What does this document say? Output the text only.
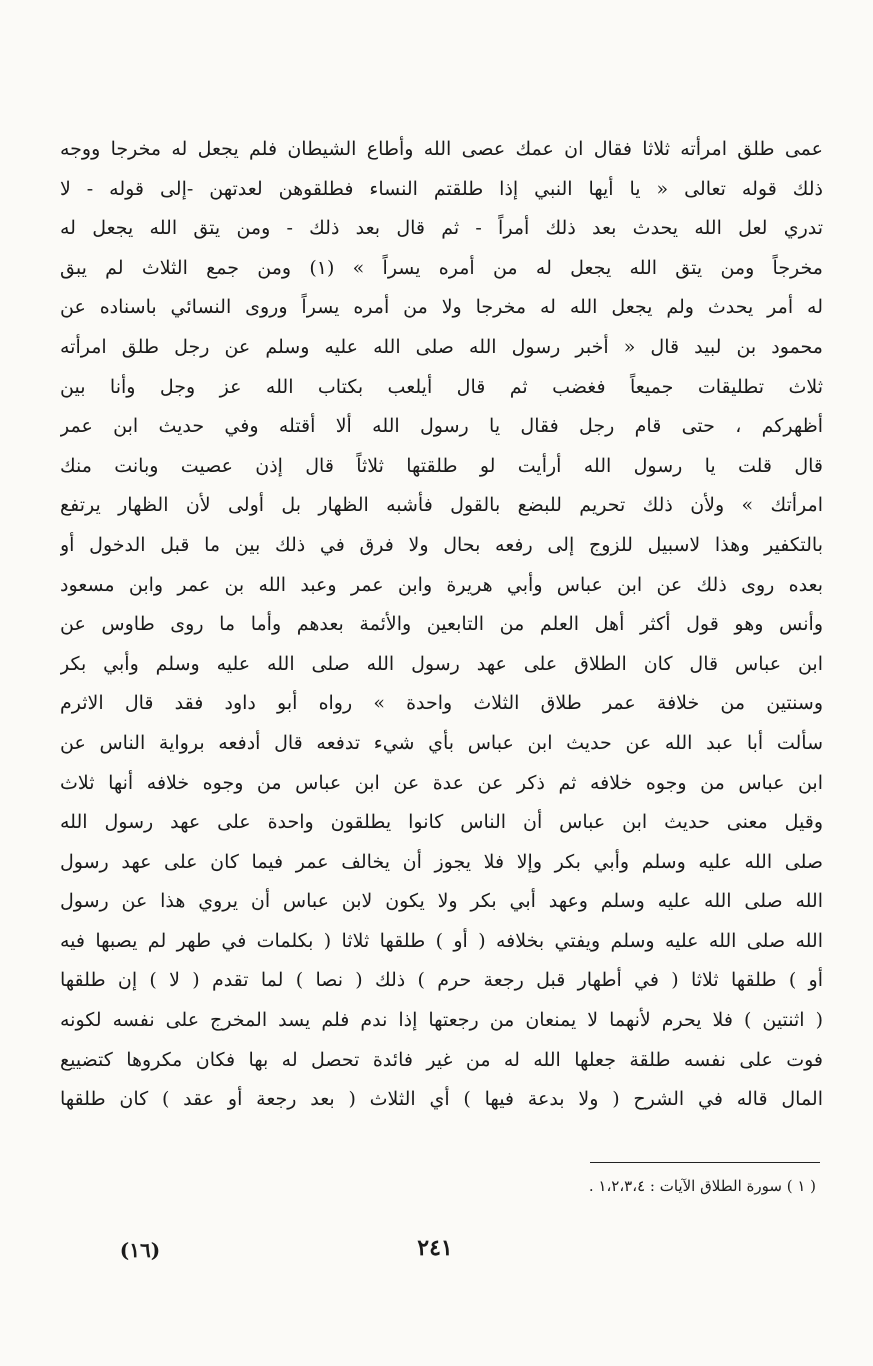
عمى طلق امرأته ثلاثا فقال ان عمك عصى الله وأطاع الشيطان فلم يجعل له مخرجا ووجه
ذلك قوله تعالى « يا أيها النبي إذا طلقتم النساء فطلقوهن لعدتهن -إلى قوله - لا
تدري لعل الله يحدث بعد ذلك أمراً - ثم قال بعد ذلك - ومن يتق الله يجعل له
مخرجاً ومن يتق الله يجعل له من أمره يسراً » (١) ومن جمع الثلاث لم يبق
له أمر يحدث ولم يجعل الله له مخرجا ولا من أمره يسراً وروى النسائي باسناده عن
محمود بن لبيد قال « أخبر رسول الله صلى الله عليه وسلم عن رجل طلق امرأته
ثلاث تطليقات جميعاً فغضب ثم قال أيلعب بكتاب الله عز وجل وأنا بين
أظهركم ، حتى قام رجل فقال يا رسول الله ألا أقتله وفي حديث ابن عمر
قال قلت يا رسول الله أرأيت لو طلقتها ثلاثاً قال إذن عصيت وبانت منك
امرأتك » ولأن ذلك تحريم للبضع بالقول فأشبه الظهار بل أولى لأن الظهار يرتفع
بالتكفير وهذا لاسبيل للزوج إلى رفعه بحال ولا فرق في ذلك بين ما قبل الدخول أو
بعده روى ذلك عن ابن عباس وأبي هريرة وابن عمر وعبد الله بن عمر وابن مسعود
وأنس وهو قول أكثر أهل العلم من التابعين والأئمة بعدهم وأما ما روى طاوس عن
ابن عباس قال كان الطلاق على عهد رسول الله صلى الله عليه وسلم وأبي بكر
وسنتين من خلافة عمر طلاق الثلاث واحدة » رواه أبو داود فقد قال الاثرم
سألت أبا عبد الله عن حديث ابن عباس بأي شيء تدفعه قال أدفعه برواية الناس عن
ابن عباس من وجوه خلافه ثم ذكر عن عدة عن ابن عباس من وجوه خلافه أنها ثلاث
وقيل معنى حديث ابن عباس أن الناس كانوا يطلقون واحدة على عهد رسول الله
صلى الله عليه وسلم وأبي بكر وإلا فلا يجوز أن يخالف عمر فيما كان على عهد رسول
الله صلى الله عليه وسلم وعهد أبي بكر ولا يكون لابن عباس أن يروي هذا عن رسول
الله صلى الله عليه وسلم ويفتي بخلافه ( أو ) طلقها ثلاثا ( بكلمات في طهر لم يصبها فيه
أو ) طلقها ثلاثا ( في أطهار قبل رجعة حرم ) ذلك ( نصا ) لما تقدم ( لا ) إن طلقها
( اثنتين ) فلا يحرم لأنهما لا يمنعان من رجعتها إذا ندم فلم يسد المخرج على نفسه لكونه
فوت على نفسه طلقة جعلها الله له من غير فائدة تحصل له بها فكان مكروها كتضييع
المال قاله في الشرح ( ولا بدعة فيها ) أي الثلاث ( بعد رجعة أو عقد ) كان طلقها
( ١ ) سورة الطلاق الآيات : ١،٢،٣،٤ .
٢٤١
(١٦)
